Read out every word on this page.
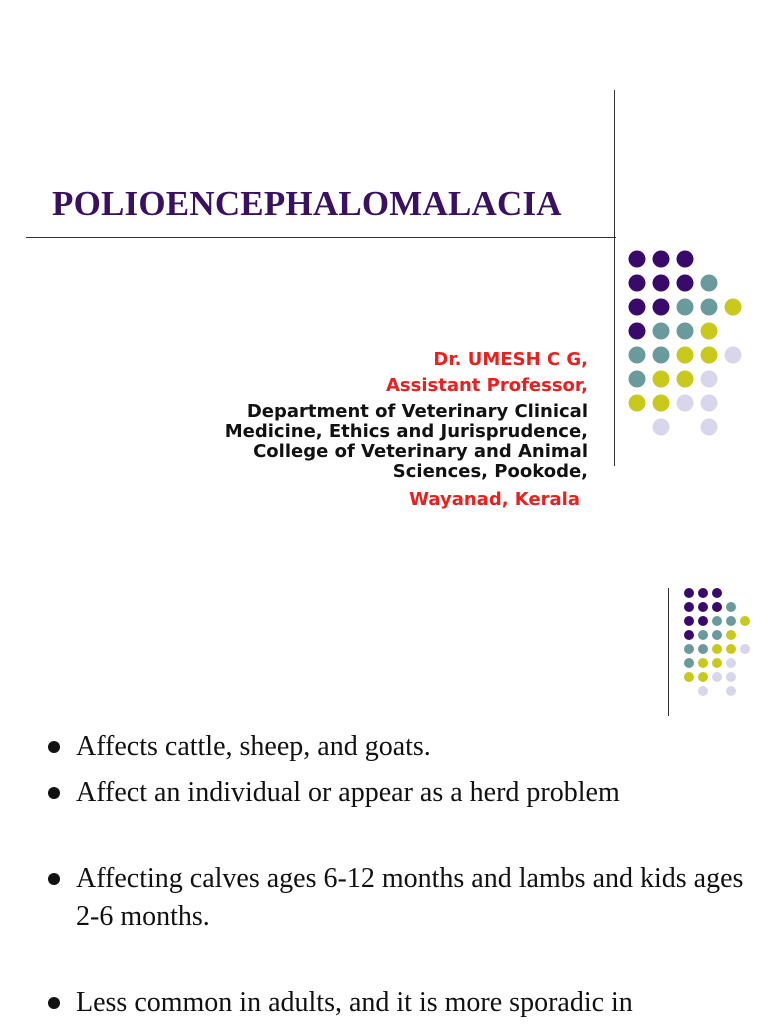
POLIOENCEPHALOMALACIA
Dr. UMESH C G,
Assistant Professor,
Department of Veterinary Clinical
Medicine, Ethics and Jurisprudence,
College of Veterinary and Animal
Sciences, Pookode,
Wayanad, Kerala
Affects cattle, sheep, and goats.
Affect an individual or appear as a herd problem
Affecting calves ages 6-12 months and lambs and kids ages 2-6 months.
Less common in adults, and it is more sporadic in
